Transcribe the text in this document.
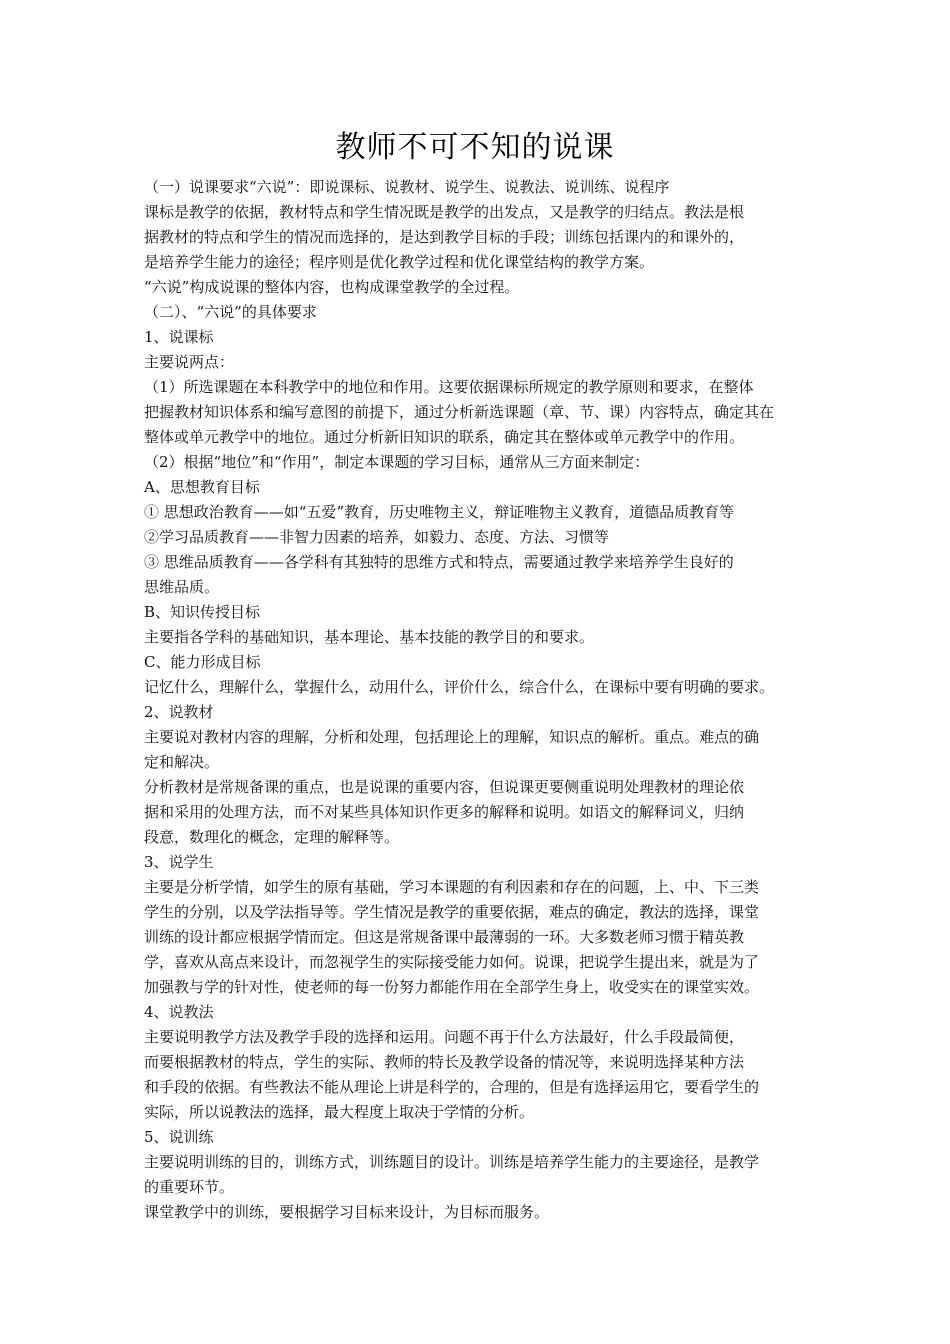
教师不可不知的说课

（一）说课要求“六说”：即说课标、说教材、说学生、说教法、说训练、说程序

课标是教学的依据，教材特点和学生情况既是教学的出发点，又是教学的归结点。教法是根

据教材的特点和学生的情况而选择的，是达到教学目标的手段；训练包括课内的和课外的，

是培养学生能力的途径；程序则是优化教学过程和优化课堂结构的教学方案。

“六说”构成说课的整体内容，也构成课堂教学的全过程。

（二）、“六说”的具体要求

1、说课标

主要说两点：

（1）所选课题在本科教学中的地位和作用。这要依据课标所规定的教学原则和要求，在整体

把握教材知识体系和编写意图的前提下，通过分析新选课题（章、节、课）内容特点，确定其在

整体或单元教学中的地位。通过分析新旧知识的联系，确定其在整体或单元教学中的作用。

（2）根据“地位”和“作用”，制定本课题的学习目标，通常从三方面来制定：

A、思想教育目标

① 思想政治教育——如“五爱”教育，历史唯物主义，辩证唯物主义教育，道德品质教育等

②学习品质教育——非智力因素的培养，如毅力、态度、方法、习惯等

③ 思维品质教育——各学科有其独特的思维方式和特点，需要通过教学来培养学生良好的

思维品质。

B、知识传授目标

主要指各学科的基础知识，基本理论、基本技能的教学目的和要求。

C、能力形成目标

记忆什么，理解什么，掌握什么，动用什么，评价什么，综合什么，在课标中要有明确的要求。

2、说教材

主要说对教材内容的理解，分析和处理，包括理论上的理解，知识点的解析。重点。难点的确

定和解决。

分析教材是常规备课的重点，也是说课的重要内容，但说课更要侧重说明处理教材的理论依

据和采用的处理方法，而不对某些具体知识作更多的解释和说明。如语文的解释词义，归纳

段意，数理化的概念，定理的解释等。

3、说学生

主要是分析学情，如学生的原有基础，学习本课题的有利因素和存在的问题，上、中、下三类

学生的分别，以及学法指导等。学生情况是教学的重要依据，难点的确定，教法的选择，课堂

训练的设计都应根据学情而定。但这是常规备课中最薄弱的一环。大多数老师习惯于精英教

学，喜欢从高点来设计，而忽视学生的实际接受能力如何。说课，把说学生提出来，就是为了

加强教与学的针对性，使老师的每一份努力都能作用在全部学生身上，收受实在的课堂实效。

4、说教法

主要说明教学方法及教学手段的选择和运用。问题不再于什么方法最好，什么手段最简便，

而要根据教材的特点，学生的实际、教师的特长及教学设备的情况等，来说明选择某种方法

和手段的依据。有些教法不能从理论上讲是科学的，合理的，但是有选择运用它，要看学生的

实际，所以说教法的选择，最大程度上取决于学情的分析。

5、说训练

主要说明训练的目的，训练方式，训练题目的设计。训练是培养学生能力的主要途径，是教学

的重要环节。

课堂教学中的训练，要根据学习目标来设计，为目标而服务。
